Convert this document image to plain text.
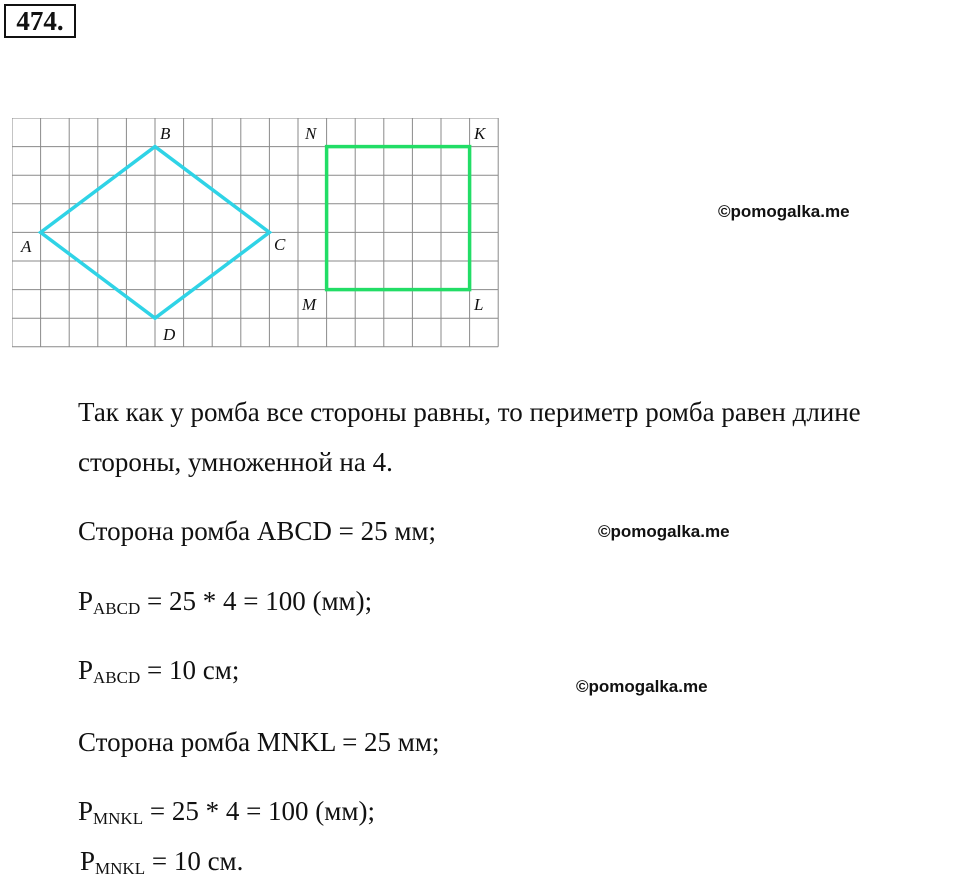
474.
B
A	C
D
N	K
M	L
©pomogalka.me
©pomogalka.me
©pomogalka.me
Так как у ромба все стороны равны, то периметр ромба равен длине
стороны, умноженной на 4.
Сторона ромба ABCD = 25 мм;
$P_{ABCD} = 25 * 4 = 100$ (мм);
$P_{ABCD} = 10$ см;
Сторона ромба MNKL = 25 мм;
$P_{MNKL} = 25 * 4 = 100$ (мм);
$P_{MNKL} = 10$ см.
